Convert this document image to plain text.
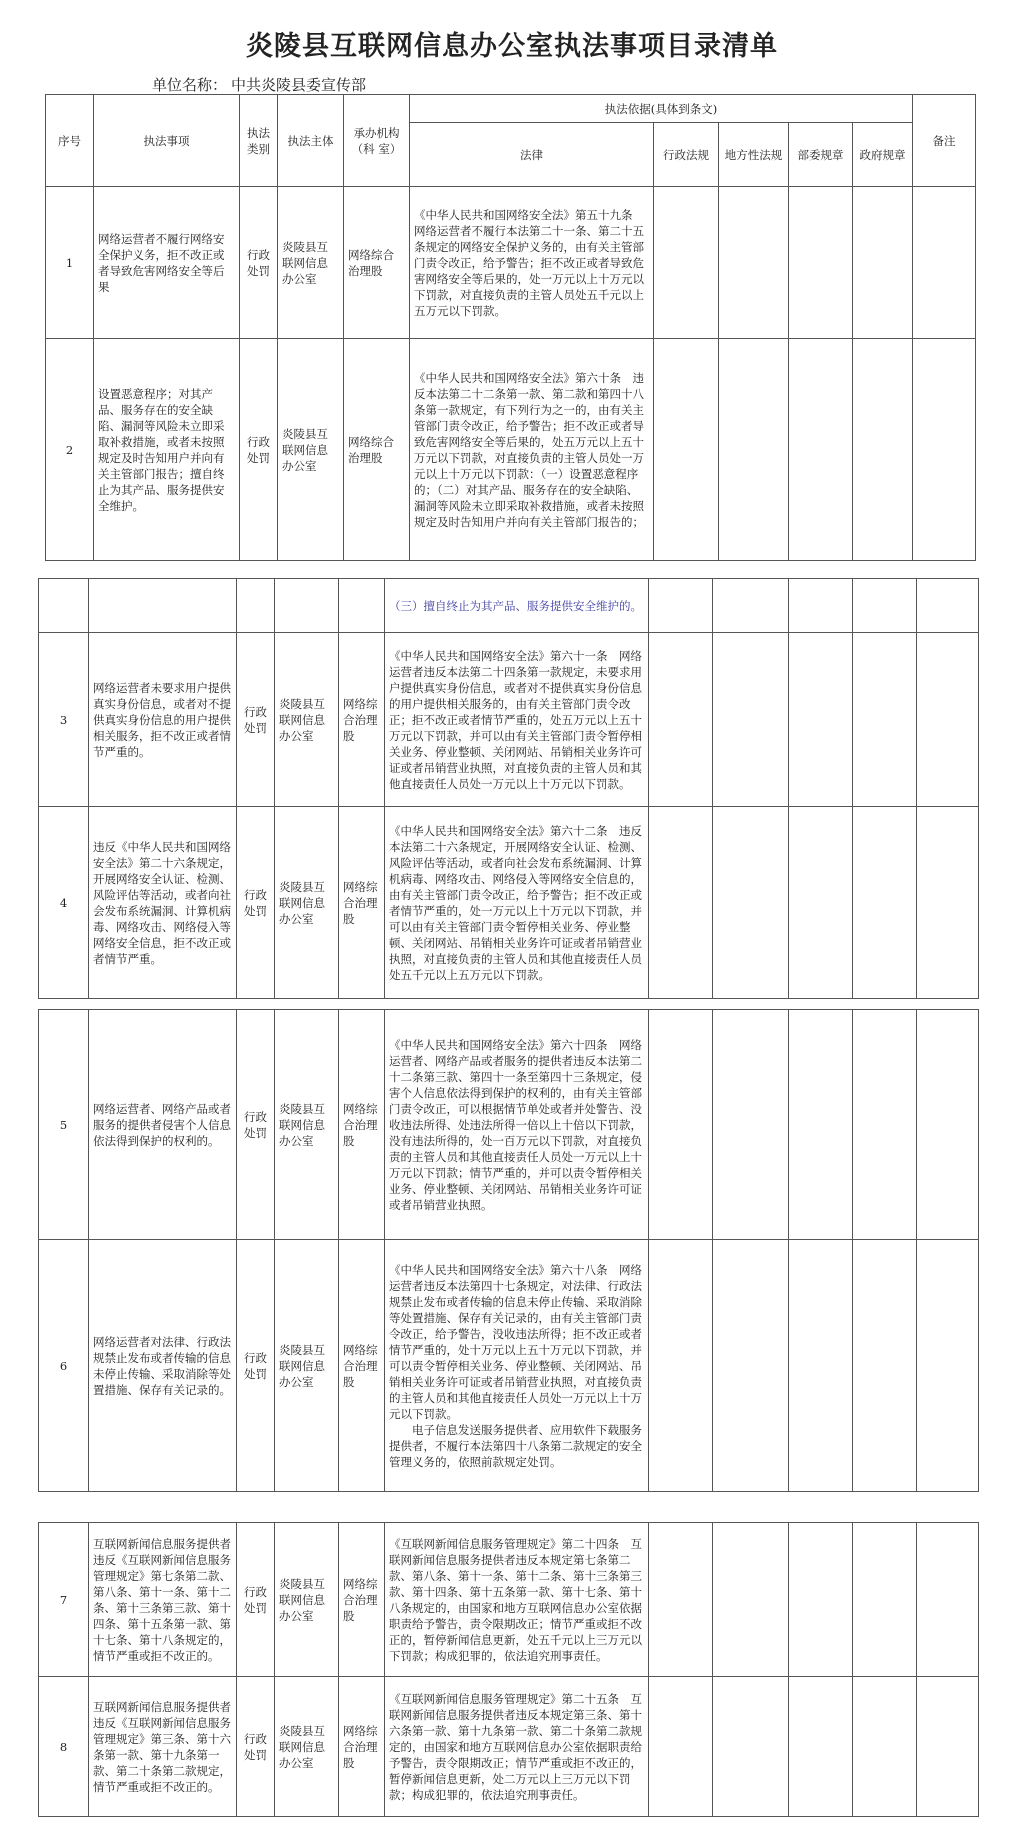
炎陵县互联网信息办公室执法事项目录清单
单位名称： 中共炎陵县委宣传部
序号	执法事项	执法类别	执法主体	承办机构（科 室）	执法依据(具体到条文)					备注
					法律	行政法规	地方性法规	部委规章	政府规章	
1	网络运营者不履行网络安全保护义务，拒不改正或者导致危害网络安全等后果	行政处罚	炎陵县互联网信息办公室	网络综合治理股	《中华人民共和国网络安全法》第五十九条　网络运营者不履行本法第二十一条、第二十五条规定的网络安全保护义务的，由有关主管部门责令改正，给予警告；拒不改正或者导致危害网络安全等后果的，处一万元以上十万元以下罚款，对直接负责的主管人员处五千元以上五万元以下罚款。					
2	设置恶意程序；对其产品、服务存在的安全缺陷、漏洞等风险未立即采取补救措施，或者未按照规定及时告知用户并向有关主管部门报告；擅自终止为其产品、服务提供安全维护。	行政处罚	炎陵县互联网信息办公室	网络综合治理股	《中华人民共和国网络安全法》第六十条　违反本法第二十二条第一款、第二款和第四十八条第一款规定，有下列行为之一的，由有关主管部门责令改正，给予警告；拒不改正或者导致危害网络安全等后果的，处五万元以上五十万元以下罚款，对直接负责的主管人员处一万元以上十万元以下罚款：（一）设置恶意程序的；（二）对其产品、服务存在的安全缺陷、漏洞等风险未立即采取补救措施，或者未按照规定及时告知用户并向有关主管部门报告的；					
					（三）擅自终止为其产品、服务提供安全维护的。					
3	网络运营者未要求用户提供真实身份信息，或者对不提供真实身份信息的用户提供相关服务，拒不改正或者情节严重的。	行政处罚	炎陵县互联网信息办公室	网络综合治理股	《中华人民共和国网络安全法》第六十一条　网络运营者违反本法第二十四条第一款规定，未要求用户提供真实身份信息，或者对不提供真实身份信息的用户提供相关服务的，由有关主管部门责令改正；拒不改正或者情节严重的，处五万元以上五十万元以下罚款，并可以由有关主管部门责令暂停相关业务、停业整顿、关闭网站、吊销相关业务许可证或者吊销营业执照，对直接负责的主管人员和其他直接责任人员处一万元以上十万元以下罚款。					
4	违反《中华人民共和国网络安全法》第二十六条规定，开展网络安全认证、检测、风险评估等活动，或者向社会发布系统漏洞、计算机病毒、网络攻击、网络侵入等网络安全信息，拒不改正或者情节严重。	行政处罚	炎陵县互联网信息办公室	网络综合治理股	《中华人民共和国网络安全法》第六十二条　违反本法第二十六条规定，开展网络安全认证、检测、风险评估等活动，或者向社会发布系统漏洞、计算机病毒、网络攻击、网络侵入等网络安全信息的，由有关主管部门责令改正，给予警告；拒不改正或者情节严重的，处一万元以上十万元以下罚款，并可以由有关主管部门责令暂停相关业务、停业整顿、关闭网站、吊销相关业务许可证或者吊销营业执照，对直接负责的主管人员和其他直接责任人员处五千元以上五万元以下罚款。					
5	网络运营者、网络产品或者服务的提供者侵害个人信息依法得到保护的权利的。	行政处罚	炎陵县互联网信息办公室	网络综合治理股	《中华人民共和国网络安全法》第六十四条　网络运营者、网络产品或者服务的提供者违反本法第二十二条第三款、第四十一条至第四十三条规定，侵害个人信息依法得到保护的权利的，由有关主管部门责令改正，可以根据情节单处或者并处警告、没收违法所得、处违法所得一倍以上十倍以下罚款，没有违法所得的，处一百万元以下罚款，对直接负责的主管人员和其他直接责任人员处一万元以上十万元以下罚款；情节严重的，并可以责令暂停相关业务、停业整顿、关闭网站、吊销相关业务许可证或者吊销营业执照。					
6	网络运营者对法律、行政法规禁止发布或者传输的信息未停止传输、采取消除等处置措施、保存有关记录的。	行政处罚	炎陵县互联网信息办公室	网络综合治理股	《中华人民共和国网络安全法》第六十八条　网络运营者违反本法第四十七条规定，对法律、行政法规禁止发布或者传输的信息未停止传输、采取消除等处置措施、保存有关记录的，由有关主管部门责令改正，给予警告，没收违法所得；拒不改正或者情节严重的，处十万元以上五十万元以下罚款，并可以责令暂停相关业务、停业整顿、关闭网站、吊销相关业务许可证或者吊销营业执照，对直接负责的主管人员和其他直接责任人员处一万元以上十万元以下罚款。
电子信息发送服务提供者、应用软件下载服务提供者，不履行本法第四十八条第二款规定的安全管理义务的，依照前款规定处罚。					

7	互联网新闻信息服务提供者违反《互联网新闻信息服务管理规定》第七条第二款、第八条、第十一条、第十二条、第十三条第三款、第十四条、第十五条第一款、第十七条、第十八条规定的，情节严重或拒不改正的。	行政处罚	炎陵县互联网信息办公室	网络综合治理股	《互联网新闻信息服务管理规定》第二十四条　互联网新闻信息服务提供者违反本规定第七条第二款、第八条、第十一条、第十二条、第十三条第三款、第十四条、第十五条第一款、第十七条、第十八条规定的，由国家和地方互联网信息办公室依据职责给予警告，责令限期改正；情节严重或拒不改正的，暂停新闻信息更新，处五千元以上三万元以下罚款；构成犯罪的，依法追究刑事责任。					
8	互联网新闻信息服务提供者违反《互联网新闻信息服务管理规定》第三条、第十六条第一款、第十九条第一款、第二十条第二款规定，情节严重或拒不改正的。	行政处罚	炎陵县互联网信息办公室	网络综合治理股	《互联网新闻信息服务管理规定》第二十五条　互联网新闻信息服务提供者违反本规定第三条、第十六条第一款、第十九条第一款、第二十条第二款规定的，由国家和地方互联网信息办公室依据职责给予警告，责令限期改正；情节严重或拒不改正的，暂停新闻信息更新，处二万元以上三万元以下罚款；构成犯罪的，依法追究刑事责任。					
